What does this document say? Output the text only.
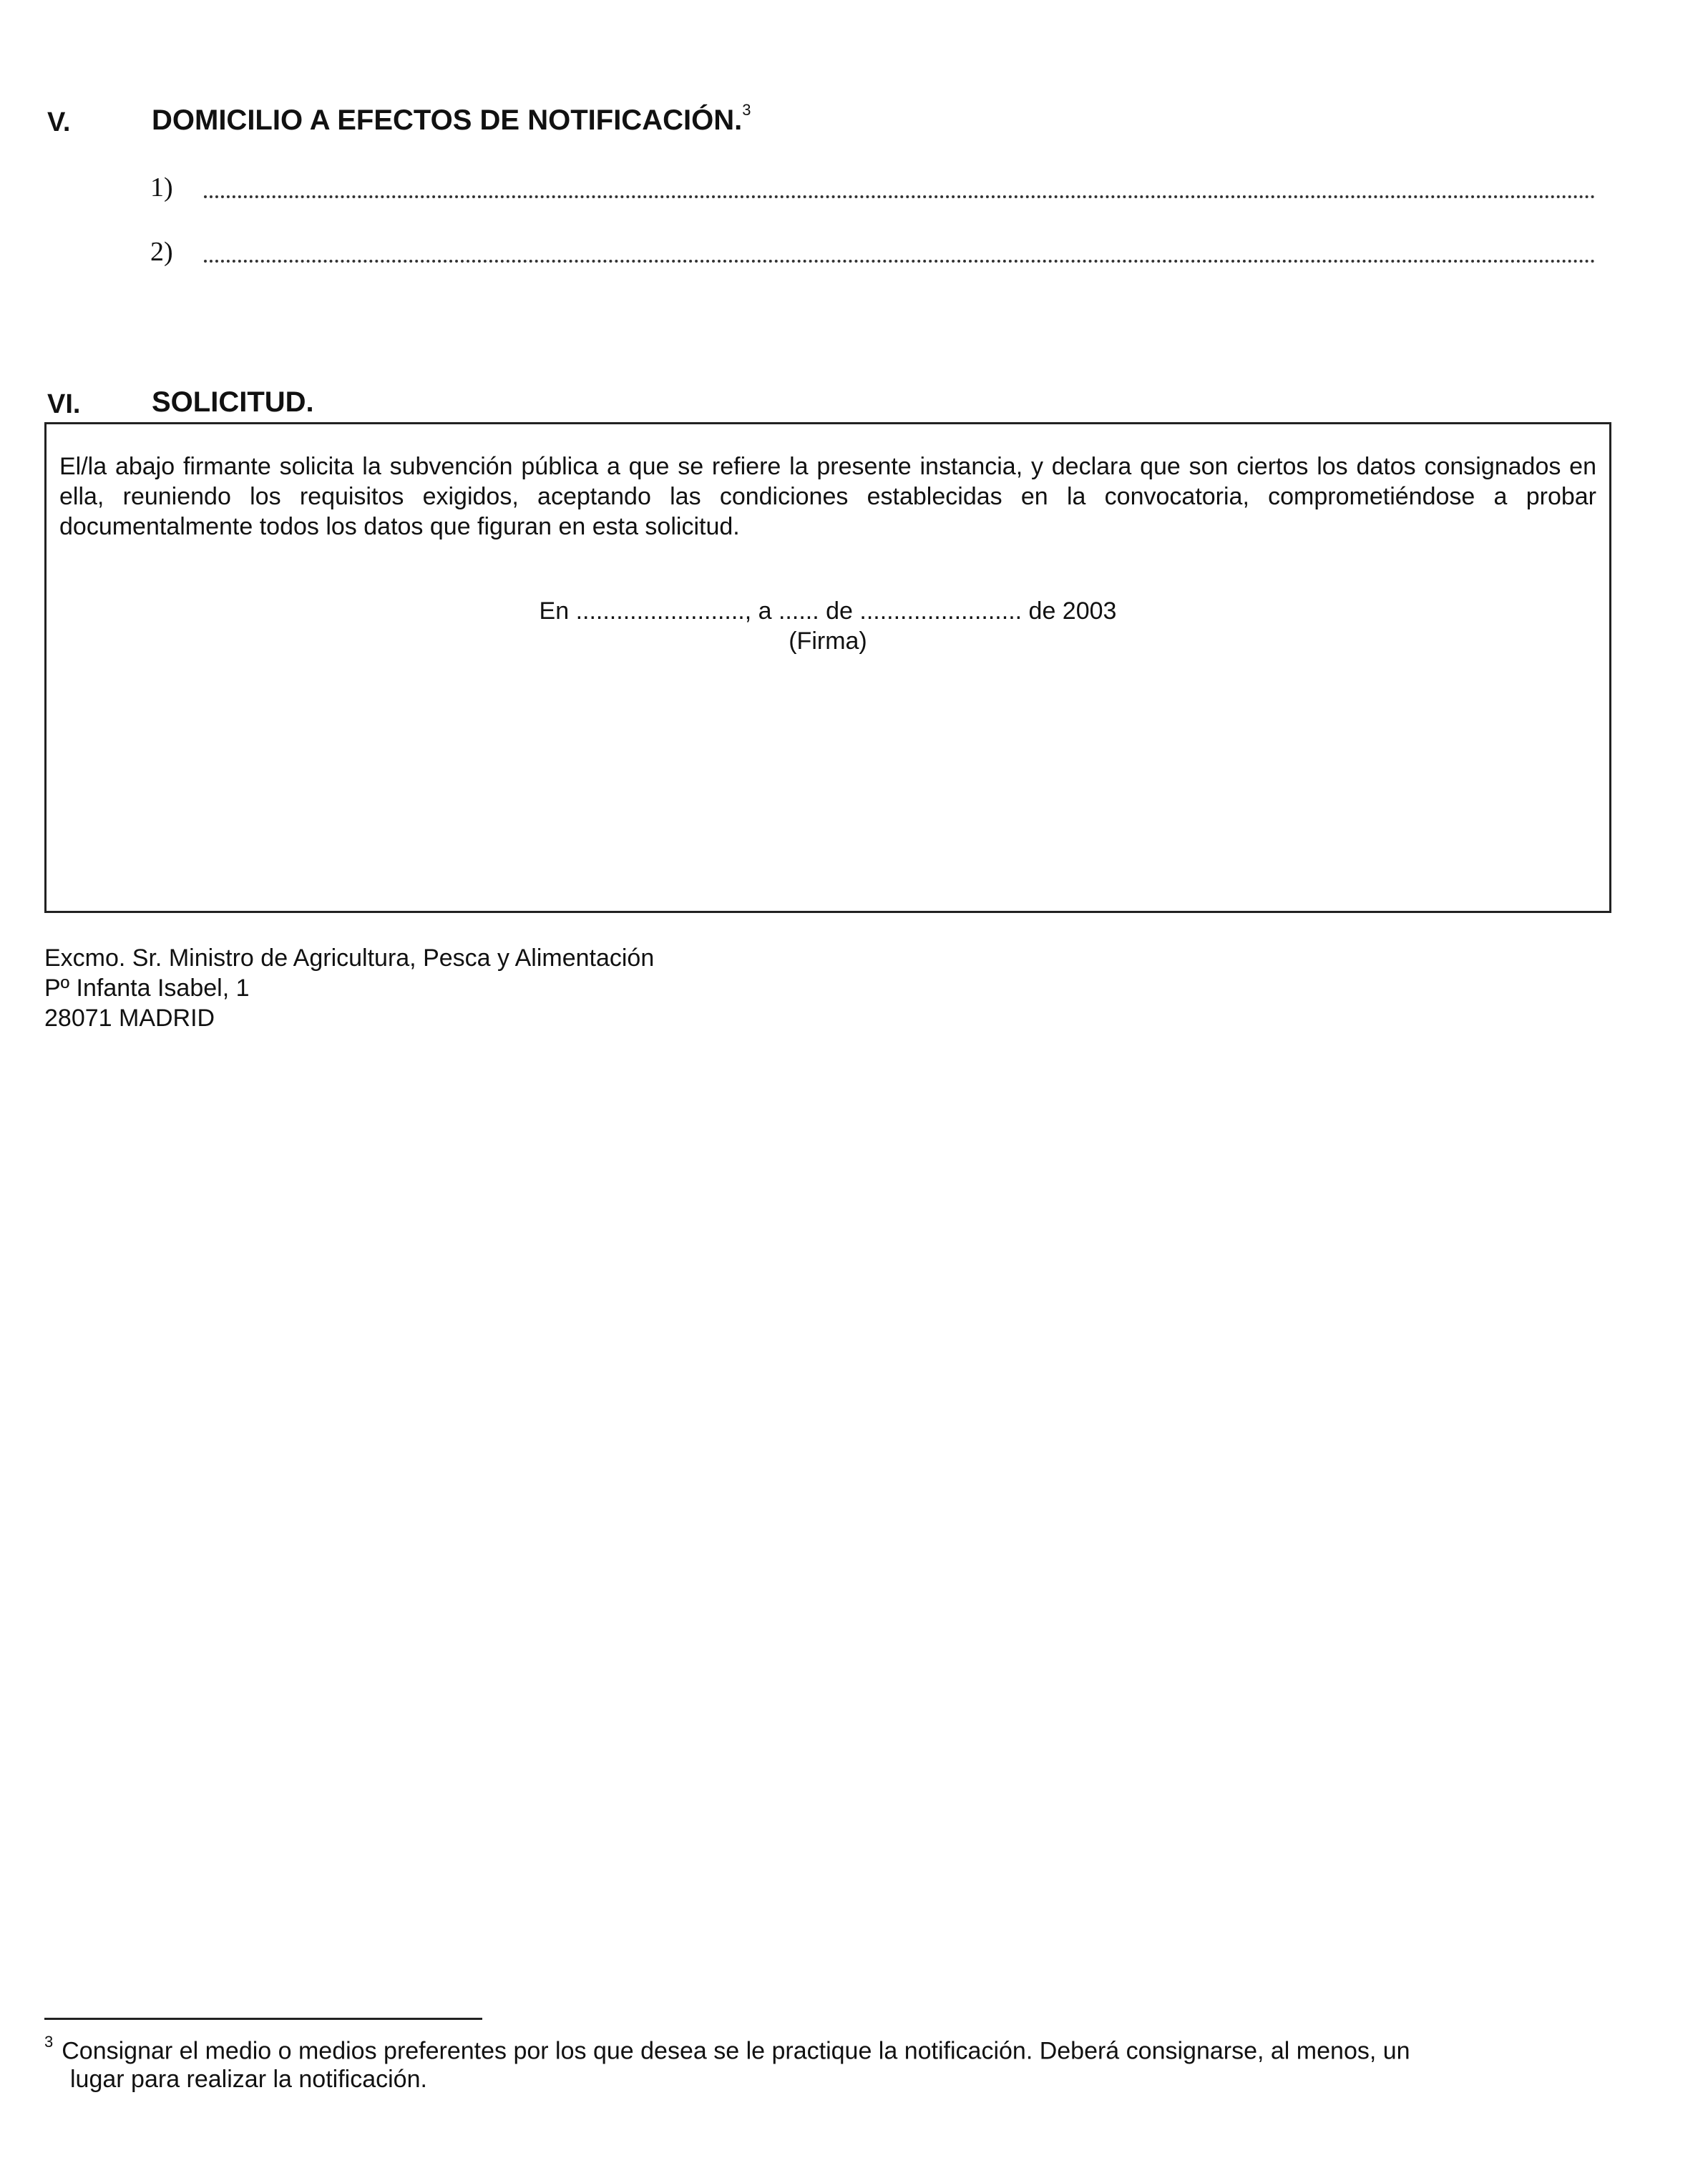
V.	DOMICILIO A EFECTOS DE NOTIFICACIÓN.$^3$
1)
2)
VI. SOLICITUD.
El/la abajo firmante solicita la subvención pública a que se refiere la presente instancia, y declara que son ciertos los datos consignados en ella, reuniendo los requisitos exigidos, aceptando las condiciones establecidas en la convocatoria, comprometiéndose a probar documentalmente todos los datos que figuran en esta solicitud.
En ........................., a ...... de ........................ de 2003
(Firma)
Excmo. Sr. Ministro de Agricultura, Pesca y Alimentación
Pº Infanta Isabel, 1
28071 MADRID
$^3$ Consignar el medio o medios preferentes por los que desea se le practique la notificación. Deberá consignarse, al menos, un
lugar para realizar la notificación.
